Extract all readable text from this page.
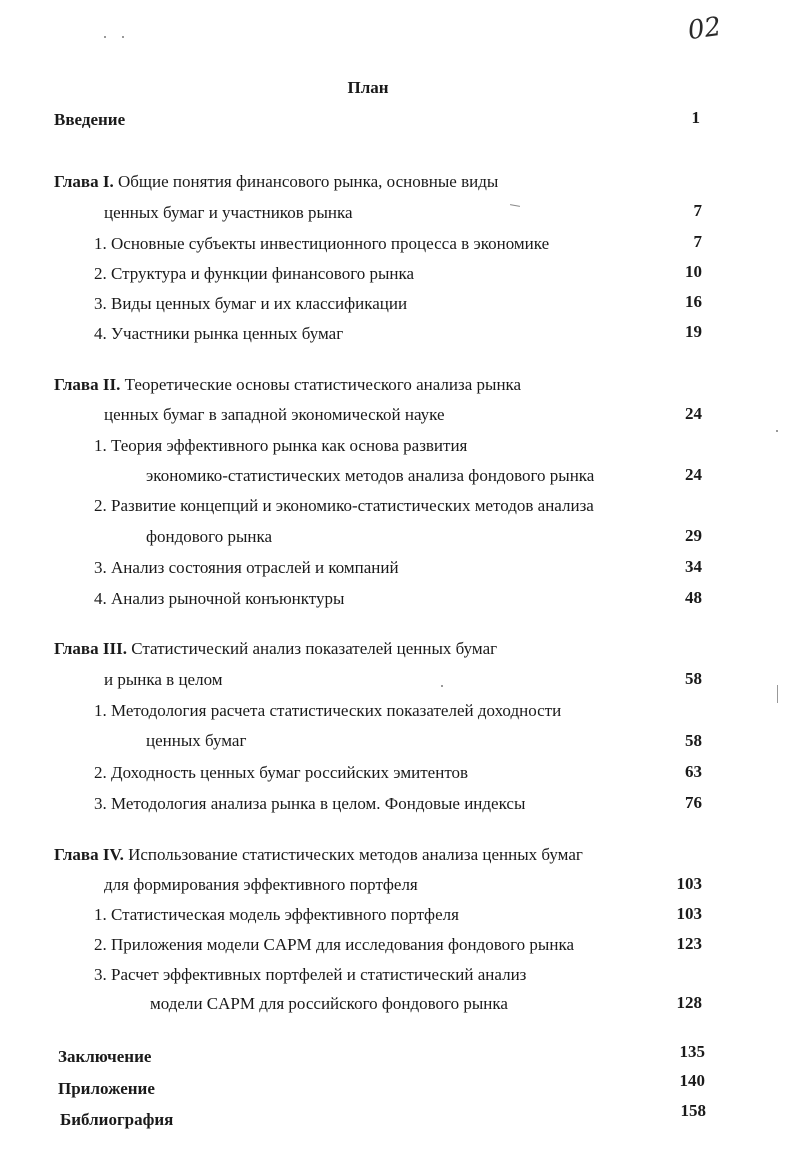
02
План
Введение	1
Глава I. Общие понятия финансового рынка, основные виды
ценных бумаг и участников рынка	7
1. Основные субъекты инвестиционного процесса в экономике	7
2. Структура и функции финансового рынка	10
3. Виды ценных бумаг и их классификации	16
4. Участники рынка ценных бумаг	19
Глава II. Теоретические основы статистического анализа рынка
ценных бумаг в западной экономической науке	24
1. Теория эффективного рынка как основа развития
экономико-статистических методов анализа фондового рынка	24
2. Развитие концепций и экономико-статистических методов анализа
фондового рынка	29
3. Анализ состояния отраслей и компаний	34
4. Анализ рыночной конъюнктуры	48
Глава III. Статистический анализ показателей ценных бумаг
и рынка в целом	58
1. Методология расчета статистических показателей доходности
ценных бумаг	58
2. Доходность ценных бумаг российских эмитентов	63
3. Методология анализа рынка в целом. Фондовые индексы	76
Глава IV. Использование статистических методов анализа ценных бумаг
для формирования эффективного портфеля	103
1. Статистическая модель эффективного портфеля	103
2. Приложения модели CAPM для исследования фондового рынка	123
3. Расчет эффективных портфелей и статистический анализ
модели CAPM для российского фондового рынка	128
Заключение	135
Приложение	140
Библиография	158
